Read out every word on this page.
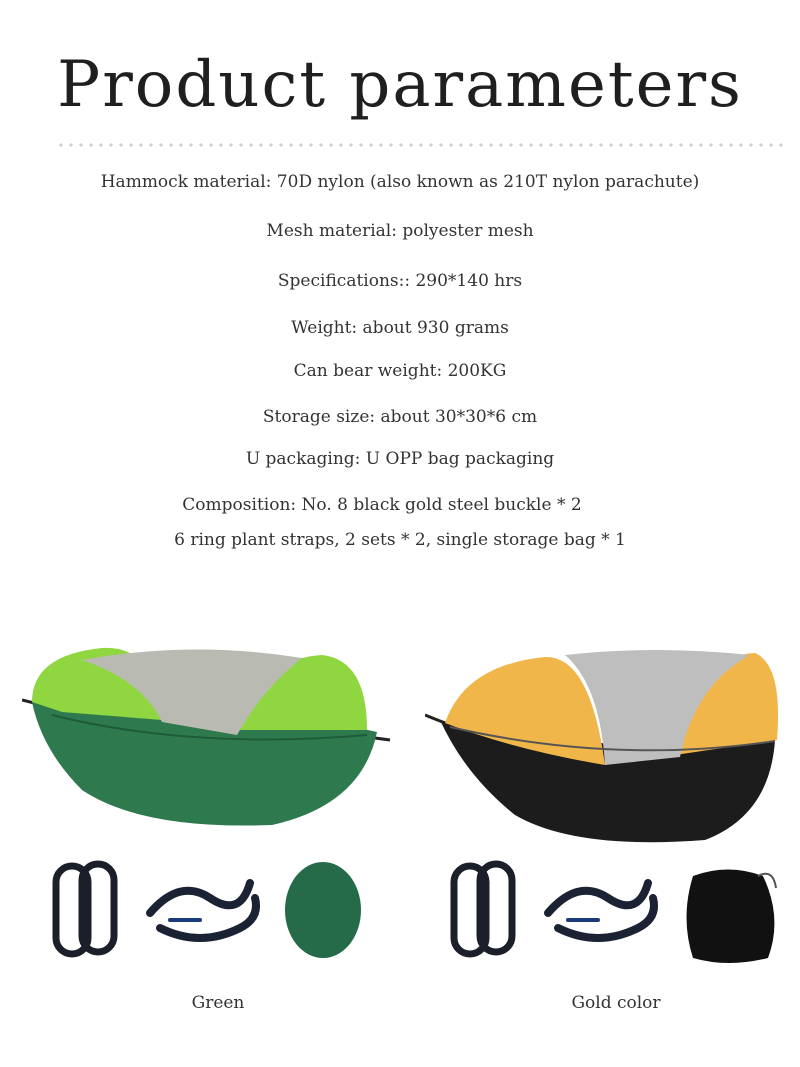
Product parameters
Hammock material: 70D nylon (also known as 210T nylon parachute)
Mesh material: polyester mesh
Specifications:: 290*140 hrs
Weight: about 930 grams
Can bear weight: 200KG
Storage size: about 30*30*6 cm
U packaging: U OPP bag packaging
Composition: No. 8 black gold steel buckle * 2
6 ring plant straps, 2 sets * 2, single storage bag * 1
Green	Gold color
